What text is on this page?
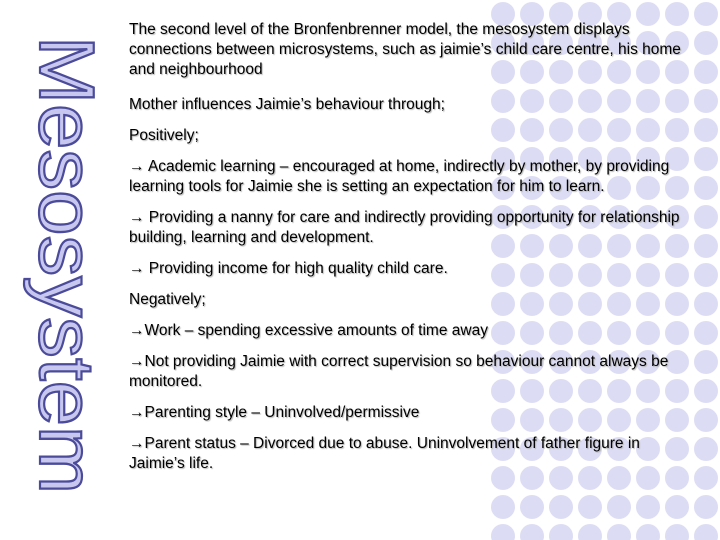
Mesosystem

The second level of the Bronfenbrenner model, the mesosystem displays connections between microsystems, such as jaimie’s child care centre, his home and neighbourhood

Mother influences Jaimie’s behaviour through;

Positively;

→ Academic learning – encouraged at home, indirectly by mother, by providing learning tools for Jaimie she is setting an expectation for him to learn.

→ Providing a nanny for care and indirectly providing opportunity for relationship building, learning and development.

→ Providing income for high quality child care.

Negatively;

→Work – spending excessive amounts of time away

→Not providing Jaimie with correct supervision so behaviour cannot always be monitored.

→Parenting style – Uninvolved/permissive

→Parent status – Divorced due to abuse. Uninvolvement of father figure in Jaimie’s life.
